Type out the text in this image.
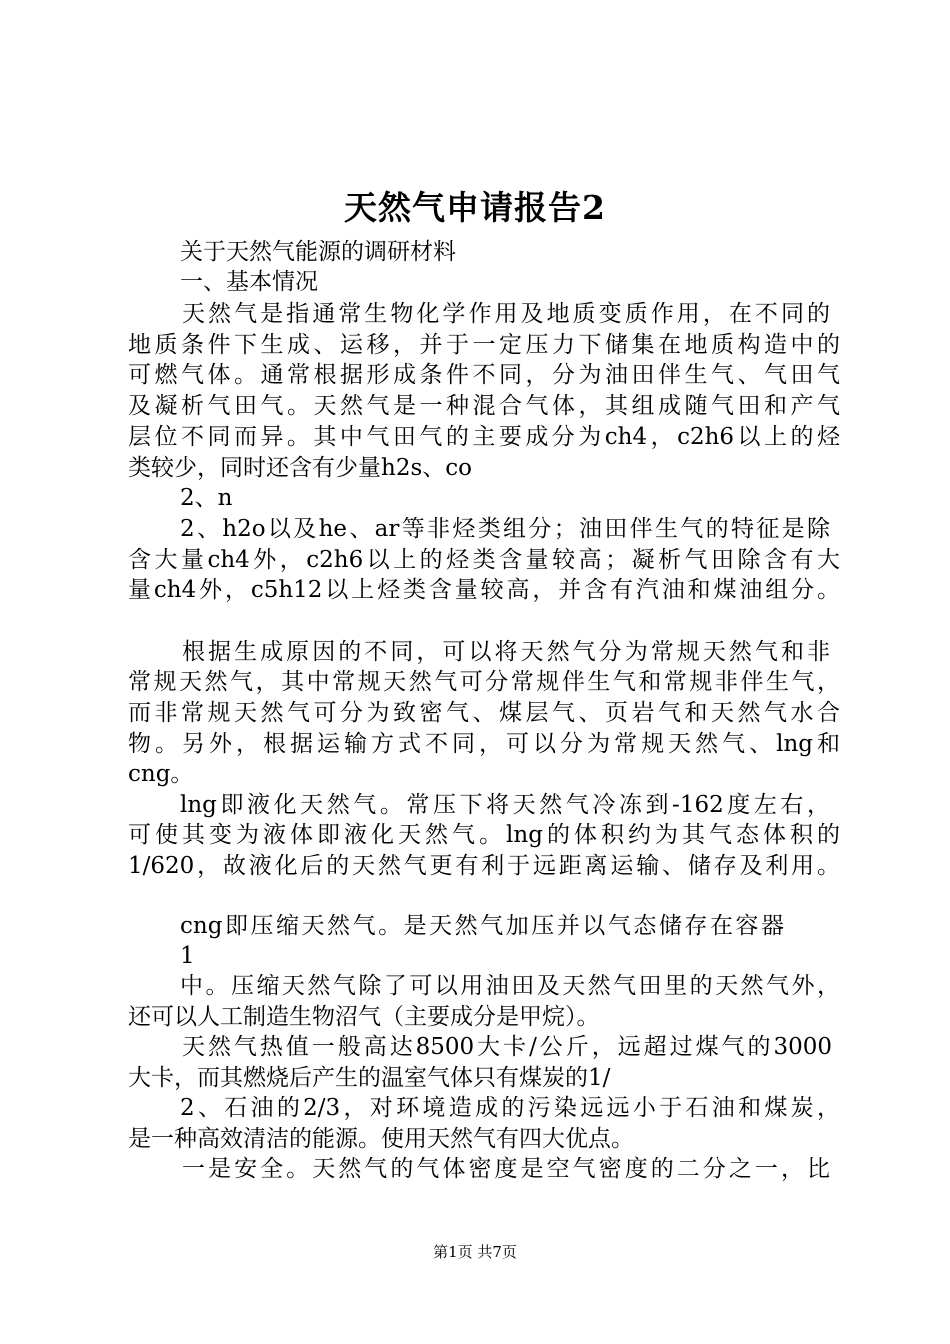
天然气申请报告2
关于天然气能源的调研材料
一、基本情况
天然气是指通常生物化学作用及地质变质作用，在不同的
地质条件下生成、运移，并于一定压力下储集在地质构造中的
可燃气体。通常根据形成条件不同，分为油田伴生气、气田气
及凝析气田气。天然气是一种混合气体，其组成随气田和产气
层位不同而异。其中气田气的主要成分为ch4，c2h6以上的烃
类较少，同时还含有少量h2s、co
2、n
2、h2o以及he、ar等非烃类组分；油田伴生气的特征是除
含大量ch4外，c2h6以上的烃类含量较高；凝析气田除含有大
量ch4外，c5h12以上烃类含量较高，并含有汽油和煤油组分。
根据生成原因的不同，可以将天然气分为常规天然气和非
常规天然气，其中常规天然气可分常规伴生气和常规非伴生气，
而非常规天然气可分为致密气、煤层气、页岩气和天然气水合
物。另外，根据运输方式不同，可以分为常规天然气、lng和
cng。
lng即液化天然气。常压下将天然气冷冻到-162度左右，
可使其变为液体即液化天然气。lng的体积约为其气态体积的
1/620，故液化后的天然气更有利于远距离运输、储存及利用。
cng即压缩天然气。是天然气加压并以气态储存在容器
1
中。压缩天然气除了可以用油田及天然气田里的天然气外，
还可以人工制造生物沼气（主要成分是甲烷）。
天然气热值一般高达8500大卡/公斤，远超过煤气的3000
大卡，而其燃烧后产生的温室气体只有煤炭的1/
2、石油的2/3，对环境造成的污染远远小于石油和煤炭，
是一种高效清洁的能源。使用天然气有四大优点。
一是安全。天然气的气体密度是空气密度的二分之一，比
第1页 共7页
